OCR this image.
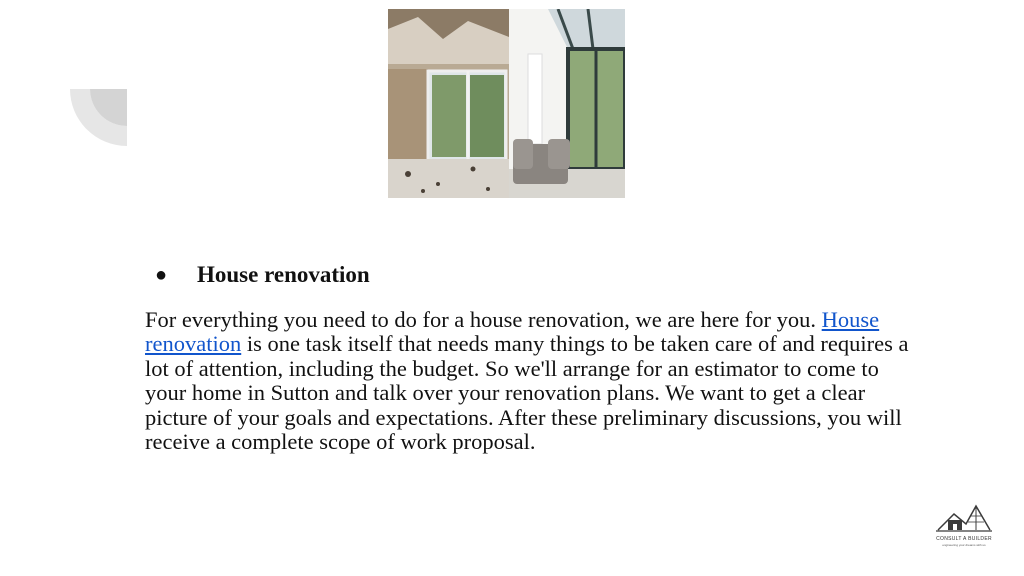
●	House renovation
For everything you need to do for a house renovation, we are here for you. House renovation is one task itself that needs many things to be taken care of and requires a lot of attention, including the budget. So we'll arrange for an estimator to come to your home in Sutton and talk over your renovation plans. We want to get a clear picture of your goals and expectations. After these preliminary discussions, you will receive a complete scope of work proposal.
CONSULT A BUILDER
engineering your dreams with us
